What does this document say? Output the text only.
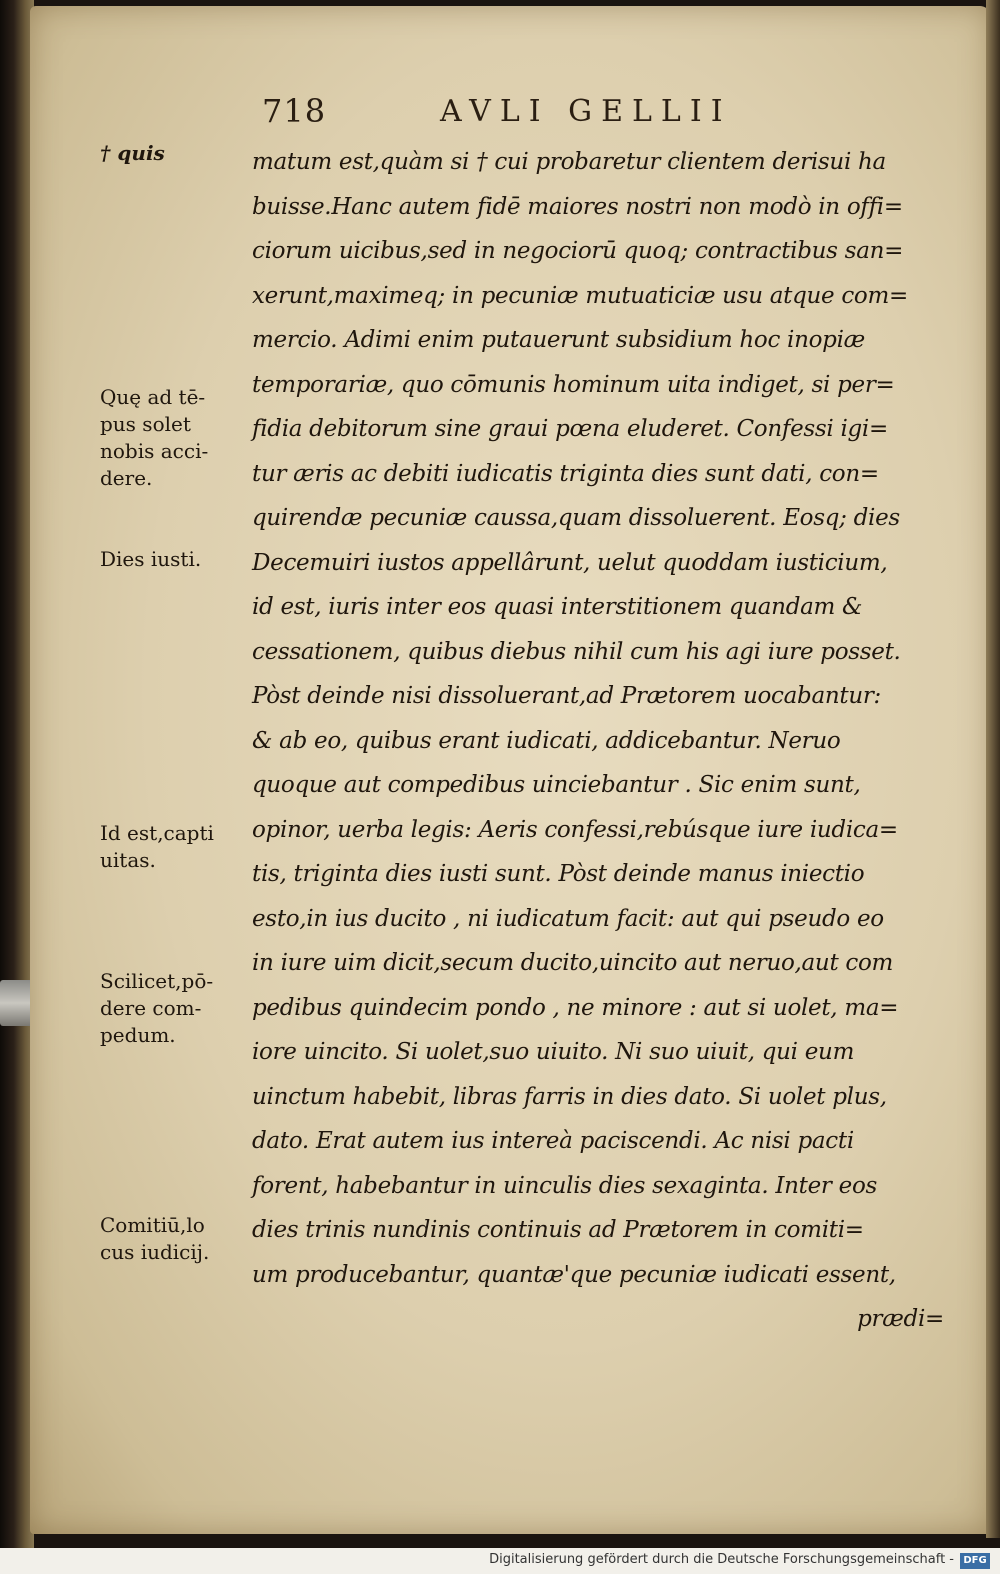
718	AVLI GELLII
matum est,quàm si † cui probaretur clientem derisui ha
buisse.Hanc autem fidē maiores nostri non modò in offi=
ciorum uicibus,sed in negociorū quoq; contractibus san=
xerunt,maximeq; in pecuniæ mutuaticiæ usu atque com=
mercio. Adimi enim putauerunt subsidium hoc inopiæ
temporariæ, quo cōmunis hominum uita indiget, si per=
fidia debitorum sine graui pœna eluderet. Confessi igi=
tur æris ac debiti iudicatis triginta dies sunt dati, con=
quirendæ pecuniæ caussa,quam dissoluerent. Eosq; dies
Decemuiri iustos appellârunt, uelut quoddam iusticium,
id est, iuris inter eos quasi interstitionem quandam &
cessationem, quibus diebus nihil cum his agi iure posset.
Pòst deinde nisi dissoluerant,ad Prætorem uocabantur:
& ab eo, quibus erant iudicati, addicebantur. Neruo
quoque aut compedibus uinciebantur . Sic enim sunt,
opinor, uerba legis: Aeris confessi,rebúsque iure iudica=
tis, triginta dies iusti sunt. Pòst deinde manus iniectio
esto,in ius ducito , ni iudicatum facit: aut qui pseudo eo
in iure uim dicit,secum ducito,uincito aut neruo,aut com
pedibus quindecim pondo , ne minore : aut si uolet, ma=
iore uincito. Si uolet,suo uiuito. Ni suo uiuit, qui eum
uinctum habebit, libras farris in dies dato. Si uolet plus,
dato. Erat autem ius intereà paciscendi. Ac nisi pacti
forent, habebantur in uinculis dies sexaginta. Inter eos
dies trinis nundinis continuis ad Prætorem in comiti=
um producebantur, quantæ'que pecuniæ iudicati essent,
prædi=
† quis
Quę ad tē-
pus solet
nobis acci-
dere.
Dies iusti.
Id est,capti
uitas.
Scilicet,pō-
dere com-
pedum.
Comitiū,lo
cus iudicij.
Digitalisierung gefördert durch die Deutsche Forschungsgemeinschaft - DFG
